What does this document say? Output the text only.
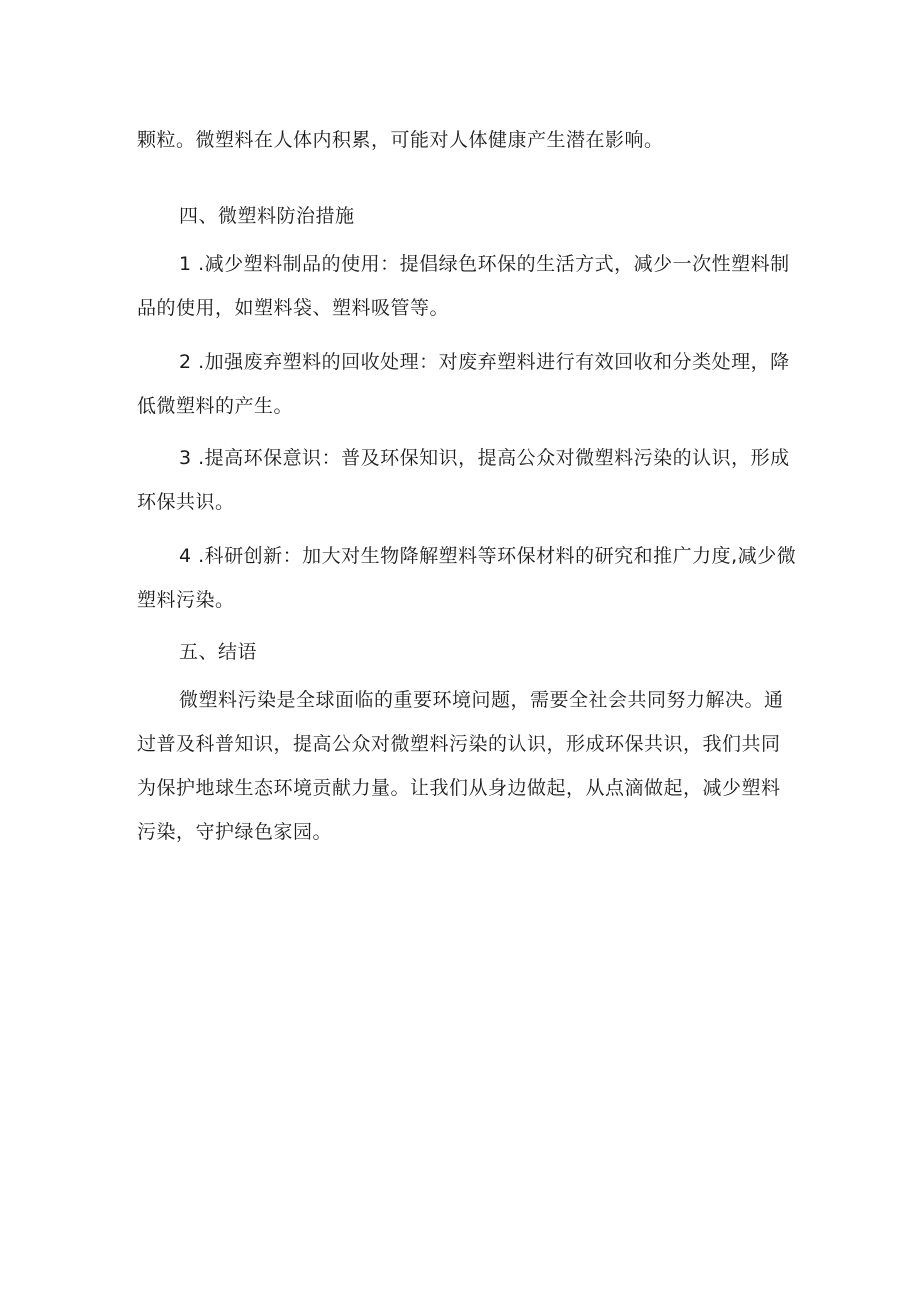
颗粒。微塑料在人体内积累，可能对人体健康产生潜在影响。

四、微塑料防治措施

1 .减少塑料制品的使用：提倡绿色环保的生活方式，减少一次性塑料制品的使用，如塑料袋、塑料吸管等。

2 .加强废弃塑料的回收处理：对废弃塑料进行有效回收和分类处理，降低微塑料的产生。

3 .提高环保意识：普及环保知识，提高公众对微塑料污染的认识，形成环保共识。

4 .科研创新：加大对生物降解塑料等环保材料的研究和推广力度,减少微塑料污染。

五、结语

微塑料污染是全球面临的重要环境问题，需要全社会共同努力解决。通过普及科普知识，提高公众对微塑料污染的认识，形成环保共识，我们共同为保护地球生态环境贡献力量。让我们从身边做起，从点滴做起，减少塑料污染，守护绿色家园。
